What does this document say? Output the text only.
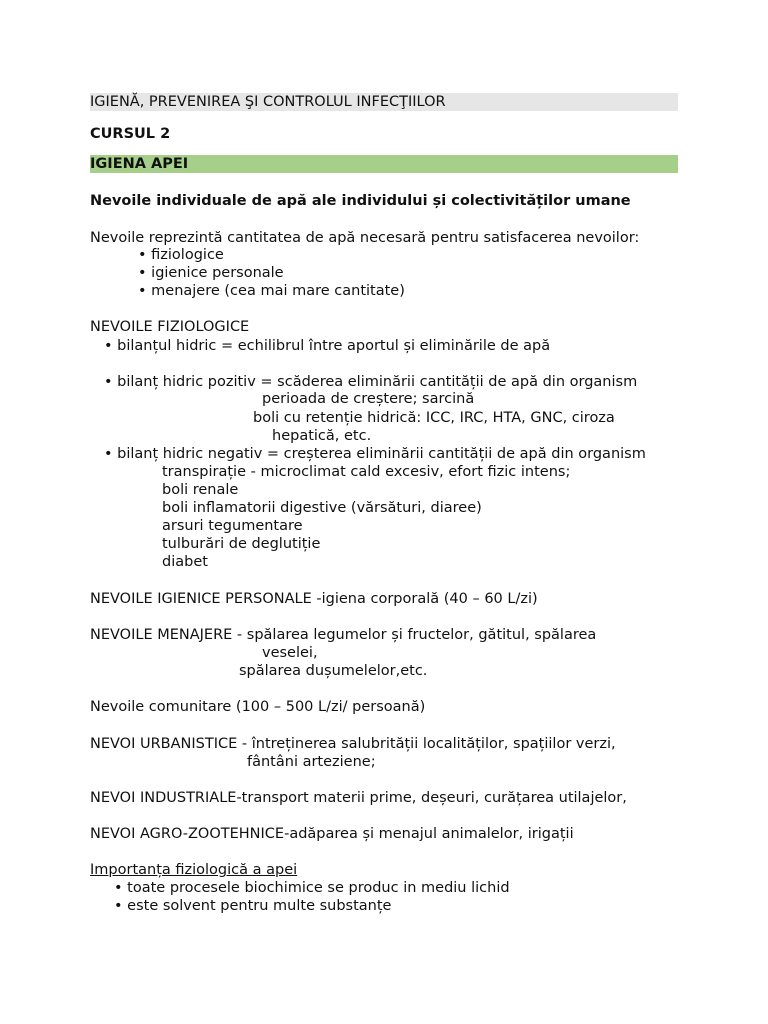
IGIENĂ, PREVENIREA ŞI CONTROLUL INFECŢIILOR
CURSUL 2
IGIENA APEI
Nevoile individuale de apă ale individului și colectivităților umane
Nevoile reprezintă cantitatea de apă necesară pentru satisfacerea nevoilor:
• fiziologice
• igienice personale
• menajere (cea mai mare cantitate)
NEVOILE FIZIOLOGICE
• bilanțul hidric = echilibrul între aportul și eliminările de apă
• bilanț hidric pozitiv = scăderea eliminării cantității de apă din organism
perioada de creștere; sarcină
boli cu retenție hidrică: ICC, IRC, HTA, GNC, ciroza
hepatică, etc.
• bilanț hidric negativ = creșterea eliminării cantității de apă din organism
transpirație - microclimat cald excesiv, efort fizic intens;
boli renale
boli inflamatorii digestive (vărsături, diaree)
arsuri tegumentare
tulburări de deglutiție
diabet
NEVOILE IGIENICE PERSONALE -igiena corporală (40 – 60 L/zi)
NEVOILE MENAJERE - spălarea legumelor și fructelor, gătitul, spălarea
veselei,
spălarea dușumelelor,etc.
Nevoile comunitare (100 – 500 L/zi/ persoană)
NEVOI URBANISTICE - întreținerea salubrității localităților, spațiilor verzi,
fântâni arteziene;
NEVOI INDUSTRIALE-transport materii prime, deșeuri, curățarea utilajelor,
NEVOI AGRO-ZOOTEHNICE-adăparea și menajul animalelor, irigații
Importanța fiziologică a apei
• toate procesele biochimice se produc in mediu lichid
• este solvent pentru multe substanțe
